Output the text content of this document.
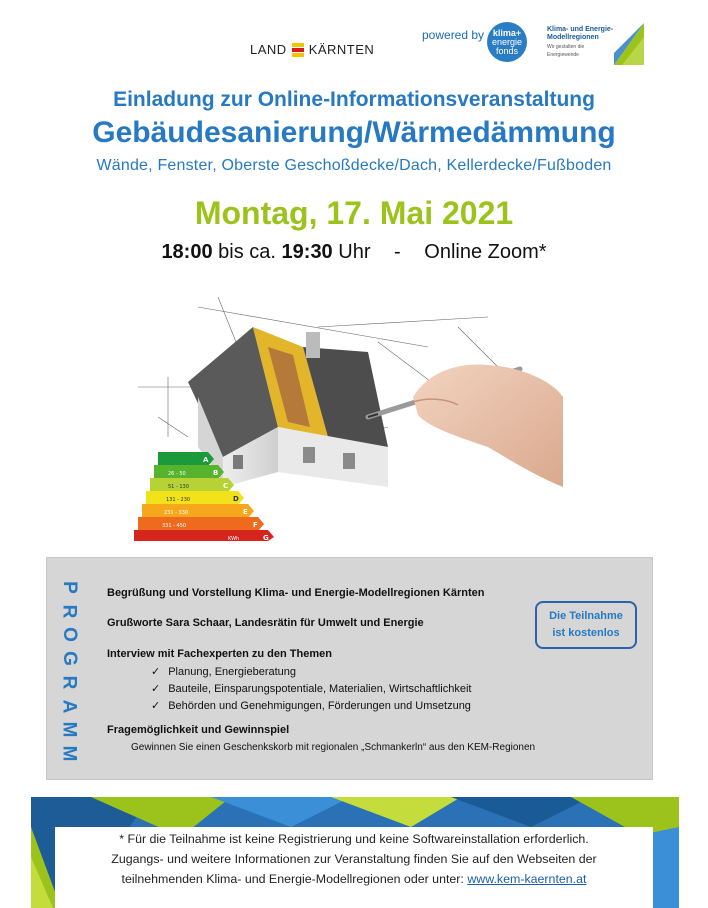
LAND KÄRNTEN
powered by klima+
energie
fonds
Klima- und Energie-Modellregionen
Wir gestalten die Energiewende
Einladung zur Online-Informationsveranstaltung
Gebäudesanierung/Wärmedämmung
Wände, Fenster, Oberste Geschoßdecke/Dach, Kellerdecke/Fußboden
Montag, 17. Mai 2021
18:00 bis ca. 19:30 Uhr - Online Zoom*
A
B
C
D
E
F
G
26 - 50
51 - 130
131 - 230
231 - 330
331 - 450
KWh
P
R
O
G
R
A
M
M
Begrüßung und Vorstellung Klima- und Energie-Modellregionen Kärnten
Grußworte Sara Schaar, Landesrätin für Umwelt und Energie
Interview mit Fachexperten zu den Themen
✓ Planung, Energieberatung
✓ Bauteile, Einsparungspotentiale, Materialien, Wirtschaftlichkeit
✓ Behörden und Genehmigungen, Förderungen und Umsetzung
Fragemöglichkeit und Gewinnspiel
Gewinnen Sie einen Geschenkskorb mit regionalen „Schmankerln“ aus den KEM-Regionen
Die Teilnahme
ist kostenlos
* Für die Teilnahme ist keine Registrierung und keine Softwareinstallation erforderlich.
Zugangs- und weitere Informationen zur Veranstaltung finden Sie auf den Webseiten der
teilnehmenden Klima- und Energie-Modellregionen oder unter: www.kem-kaernten.at
